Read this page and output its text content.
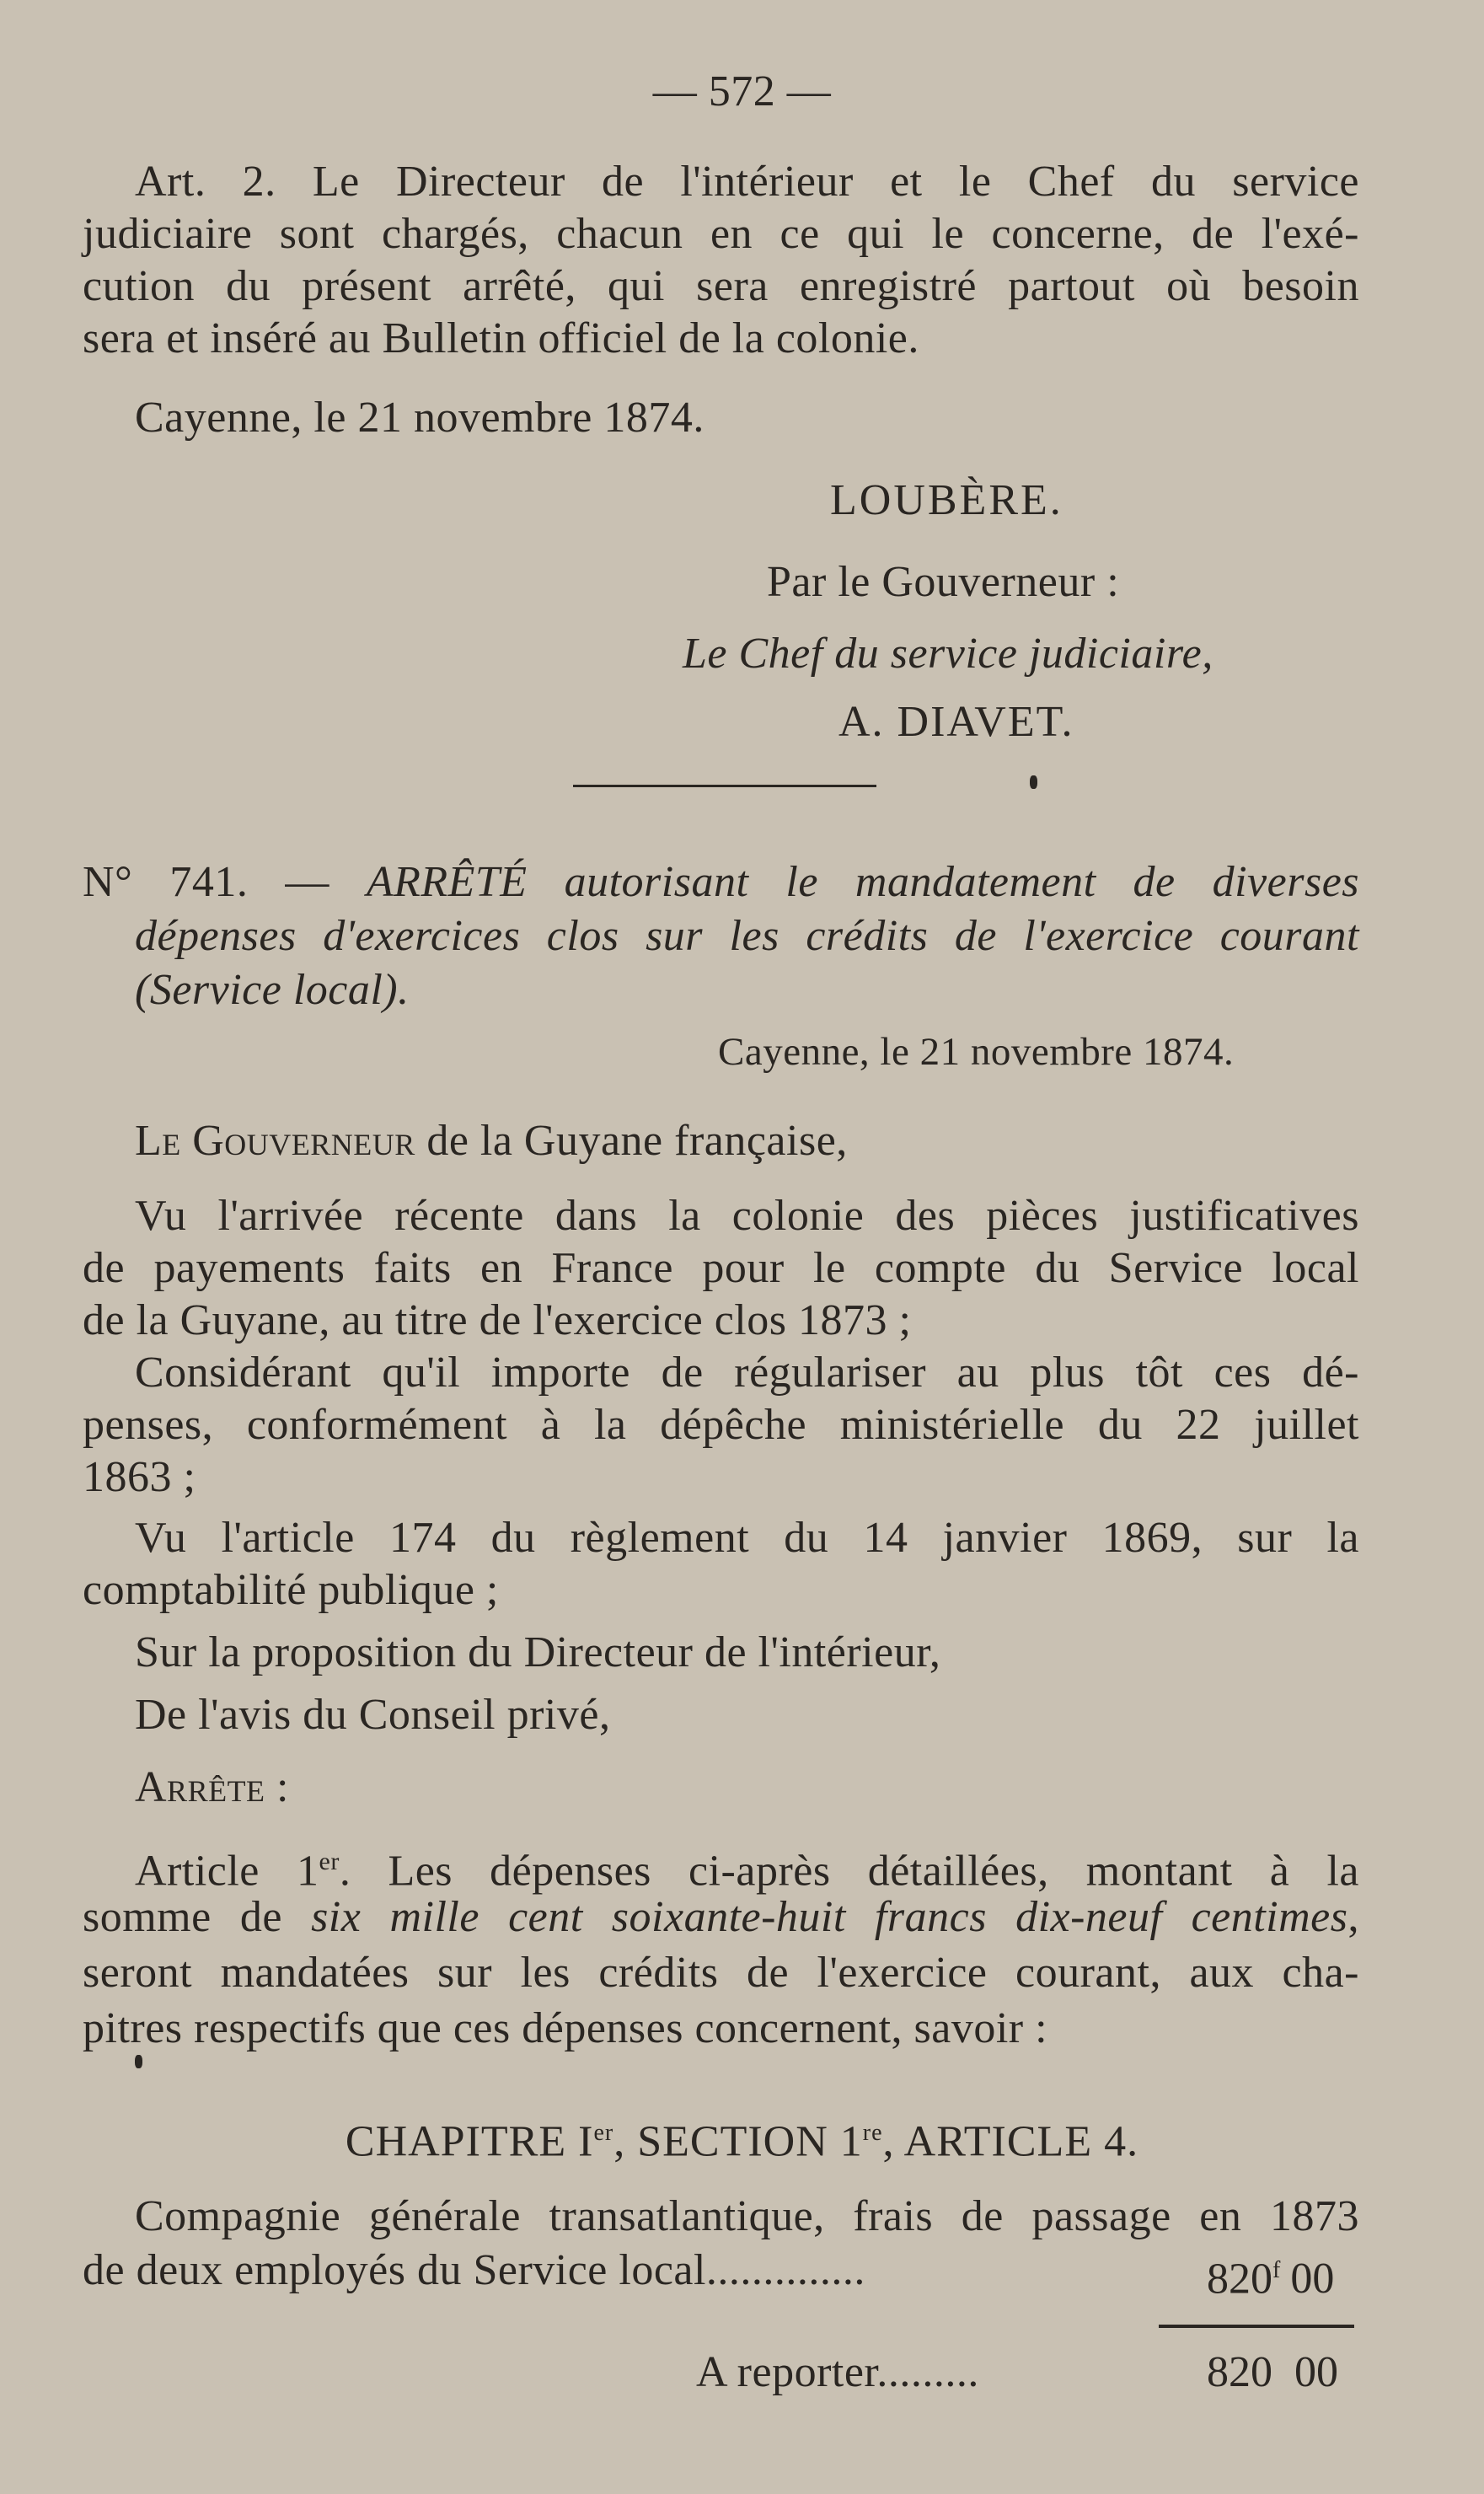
— 572 —
Art. 2. Le Directeur de l'intérieur et le Chef du service
judiciaire sont chargés, chacun en ce qui le concerne, de l'exé-
cution du présent arrêté, qui sera enregistré partout où besoin
sera et inséré au Bulletin officiel de la colonie.
Cayenne, le 21 novembre 1874.
LOUBÈRE.
Par le Gouverneur :
Le Chef du service judiciaire,
A. DIAVET.
N° 741. — ARRÊTÉ autorisant le mandatement de diverses
dépenses d'exercices clos sur les crédits de l'exercice courant
(Service local).
Cayenne, le 21 novembre 1874.
Le Gouverneur de la Guyane française,
Vu l'arrivée récente dans la colonie des pièces justificatives
de payements faits en France pour le compte du Service local
de la Guyane, au titre de l'exercice clos 1873 ;
Considérant qu'il importe de régulariser au plus tôt ces dé-
penses, conformément à la dépêche ministérielle du 22 juillet
1863 ;
Vu l'article 174 du règlement du 14 janvier 1869, sur la
comptabilité publique ;
Sur la proposition du Directeur de l'intérieur,
De l'avis du Conseil privé,
Arrête :
Article 1er. Les dépenses ci-après détaillées, montant à la
somme de six mille cent soixante-huit francs dix-neuf centimes,
seront mandatées sur les crédits de l'exercice courant, aux cha-
pitres respectifs que ces dépenses concernent, savoir :
CHAPITRE Ier, SECTION 1re, ARTICLE 4.
Compagnie générale transatlantique, frais de passage en 1873
de deux employés du Service local..............	820$^f$ 00
A reporter.........	820  00
